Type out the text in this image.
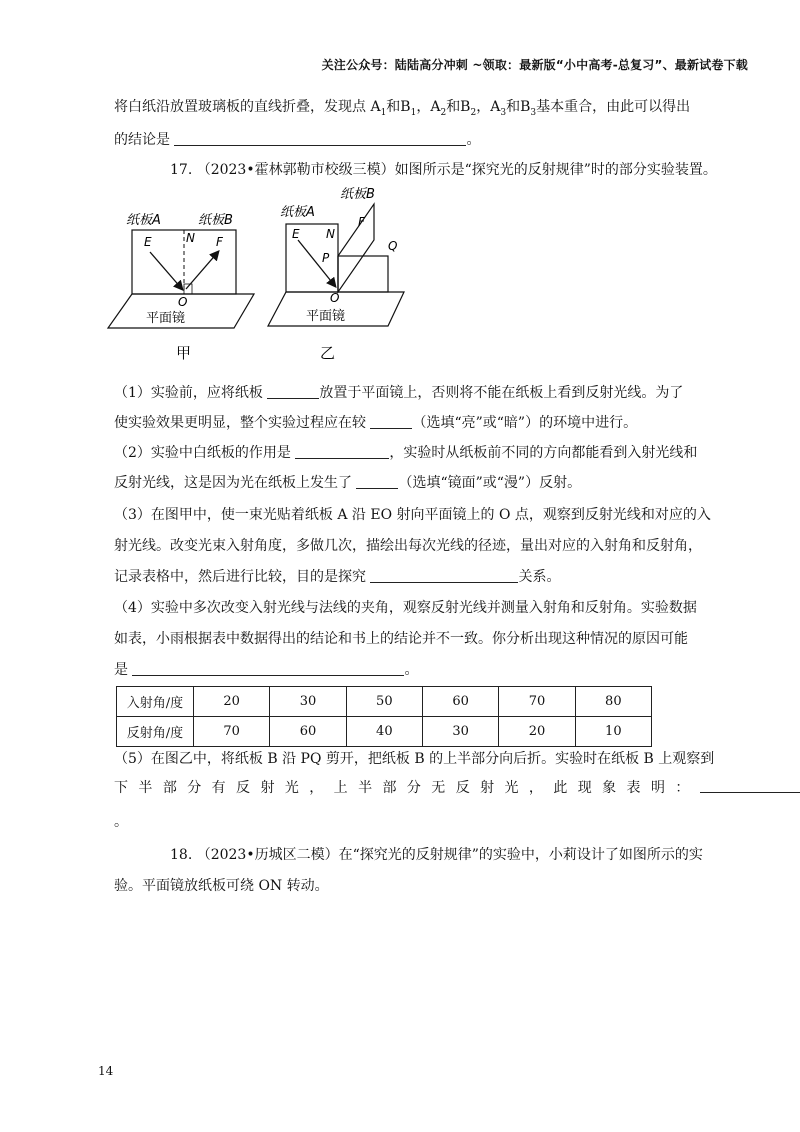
关注公众号：陆陆高分冲刺 ~领取：最新版“小中高考-总复习”、最新试卷下载
将白纸沿放置玻璃板的直线折叠，发现点 $A_1$和$B_1$，$A_2$和$B_2$，$A_3$和$B_3$基本重合，由此可以得出
的结论是	。
17. （2023•霍林郭勒市校级三模）如图所示是“探究光的反射规律”时的部分实验装置。
纸板A	纸板B
E	N F
O
平面镜
甲
纸板B
纸板A
E N
F
P
Q
O
平面镜
乙
（1）实验前，应将纸板	放置于平面镜上，否则将不能在纸板上看到反射光线。为了
使实验效果更明显，整个实验过程应在较	（选填“亮”或“暗”）的环境中进行。
（2）实验中白纸板的作用是	，实验时从纸板前不同的方向都能看到入射光线和
反射光线，这是因为光在纸板上发生了	（选填“镜面”或“漫”）反射。
（3）在图甲中，使一束光贴着纸板 A 沿 EO 射向平面镜上的 O 点，观察到反射光线和对应的入
射光线。改变光束入射角度，多做几次，描绘出每次光线的径迹，量出对应的入射角和反射角，
记录表格中，然后进行比较，目的是探究	关系。
（4）实验中多次改变入射光线与法线的夹角，观察反射光线并测量入射角和反射角。实验数据
如表，小雨根据表中数据得出的结论和书上的结论并不一致。你分析出现这种情况的原因可能
是	。
入射角/度	20	30	50	60	70	80
反射角/度	70	60	40	30	20	10
（5）在图乙中，将纸板 B 沿 PQ 剪开，把纸板 B 的上半部分向后折。实验时在纸板 B 上观察到
下 半 部 分 有 反 射 光 ， 上 半 部 分 无 反 射 光 ， 此 现 象 表 明 ：
。
18. （2023•历城区二模）在“探究光的反射规律”的实验中，小莉设计了如图所示的实
验。平面镜放纸板可绕 ON 转动。
14
